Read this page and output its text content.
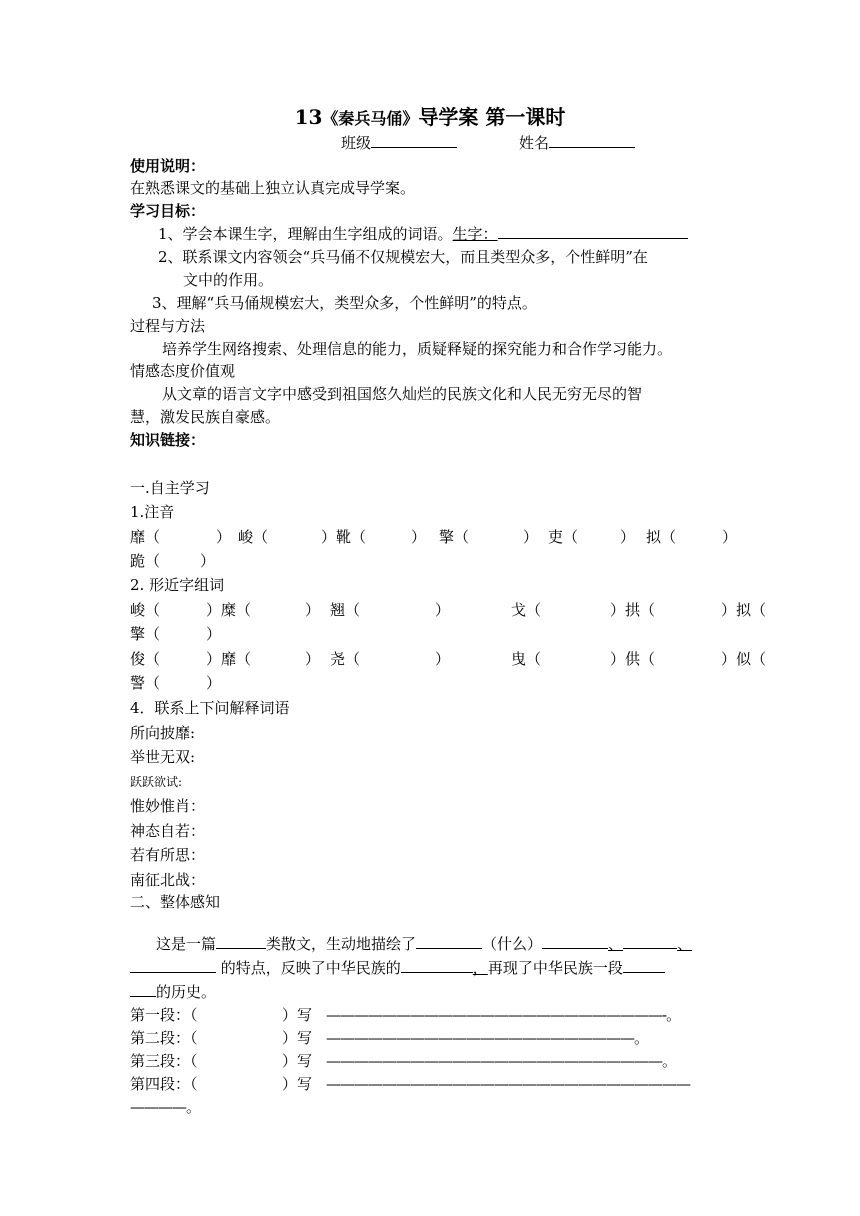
13《秦兵马俑》导学案 第一课时
班级	姓名
使用说明：
在熟悉课文的基础上独立认真完成导学案。
学习目标：
1、学会本课生字，理解由生字组成的词语。生字：
2、联系课文内容领会“兵马俑不仅规模宏大，而且类型众多，个性鲜明”在
文中的作用。
3、理解“兵马俑规模宏大，类型众多，个性鲜明”的特点。
过程与方法
培养学生网络搜索、处理信息的能力，质疑释疑的探究能力和合作学习能力。
情感态度价值观
从文章的语言文字中感受到祖国悠久灿烂的民族文化和人民无穷无尽的智
慧，激发民族自豪感。
知识链接：
一.自主学习
1.注音
靡（	） 峻（	）靴（	） 擎（	） 吏（	） 拟（	）
跪（	）
2. 形近字组词
峻（	）糜（	） 翘（	）	戈（	）拱（	）拟（
擎（	）
俊（	）靡（	） 尧（	）	曳（	）供（	）似（
警（	）
4．联系上下问解释词语
所向披靡:
举世无双:
跃跃欲试:
惟妙惟肖：
神态自若：
若有所思：
南征北战：
二、整体感知
这是一篇	类散文，生动地描绘了	（什么）	、	、
的特点，反映了中华民族的	，再现了中华民族一段
的历史。
第一段：（	）写 ————————————————————————-。
第二段：（	）写 ——————————————————————。
第三段：（	）写 ————————————————————————。
第四段：（	）写 ——————————————————————————
————。
